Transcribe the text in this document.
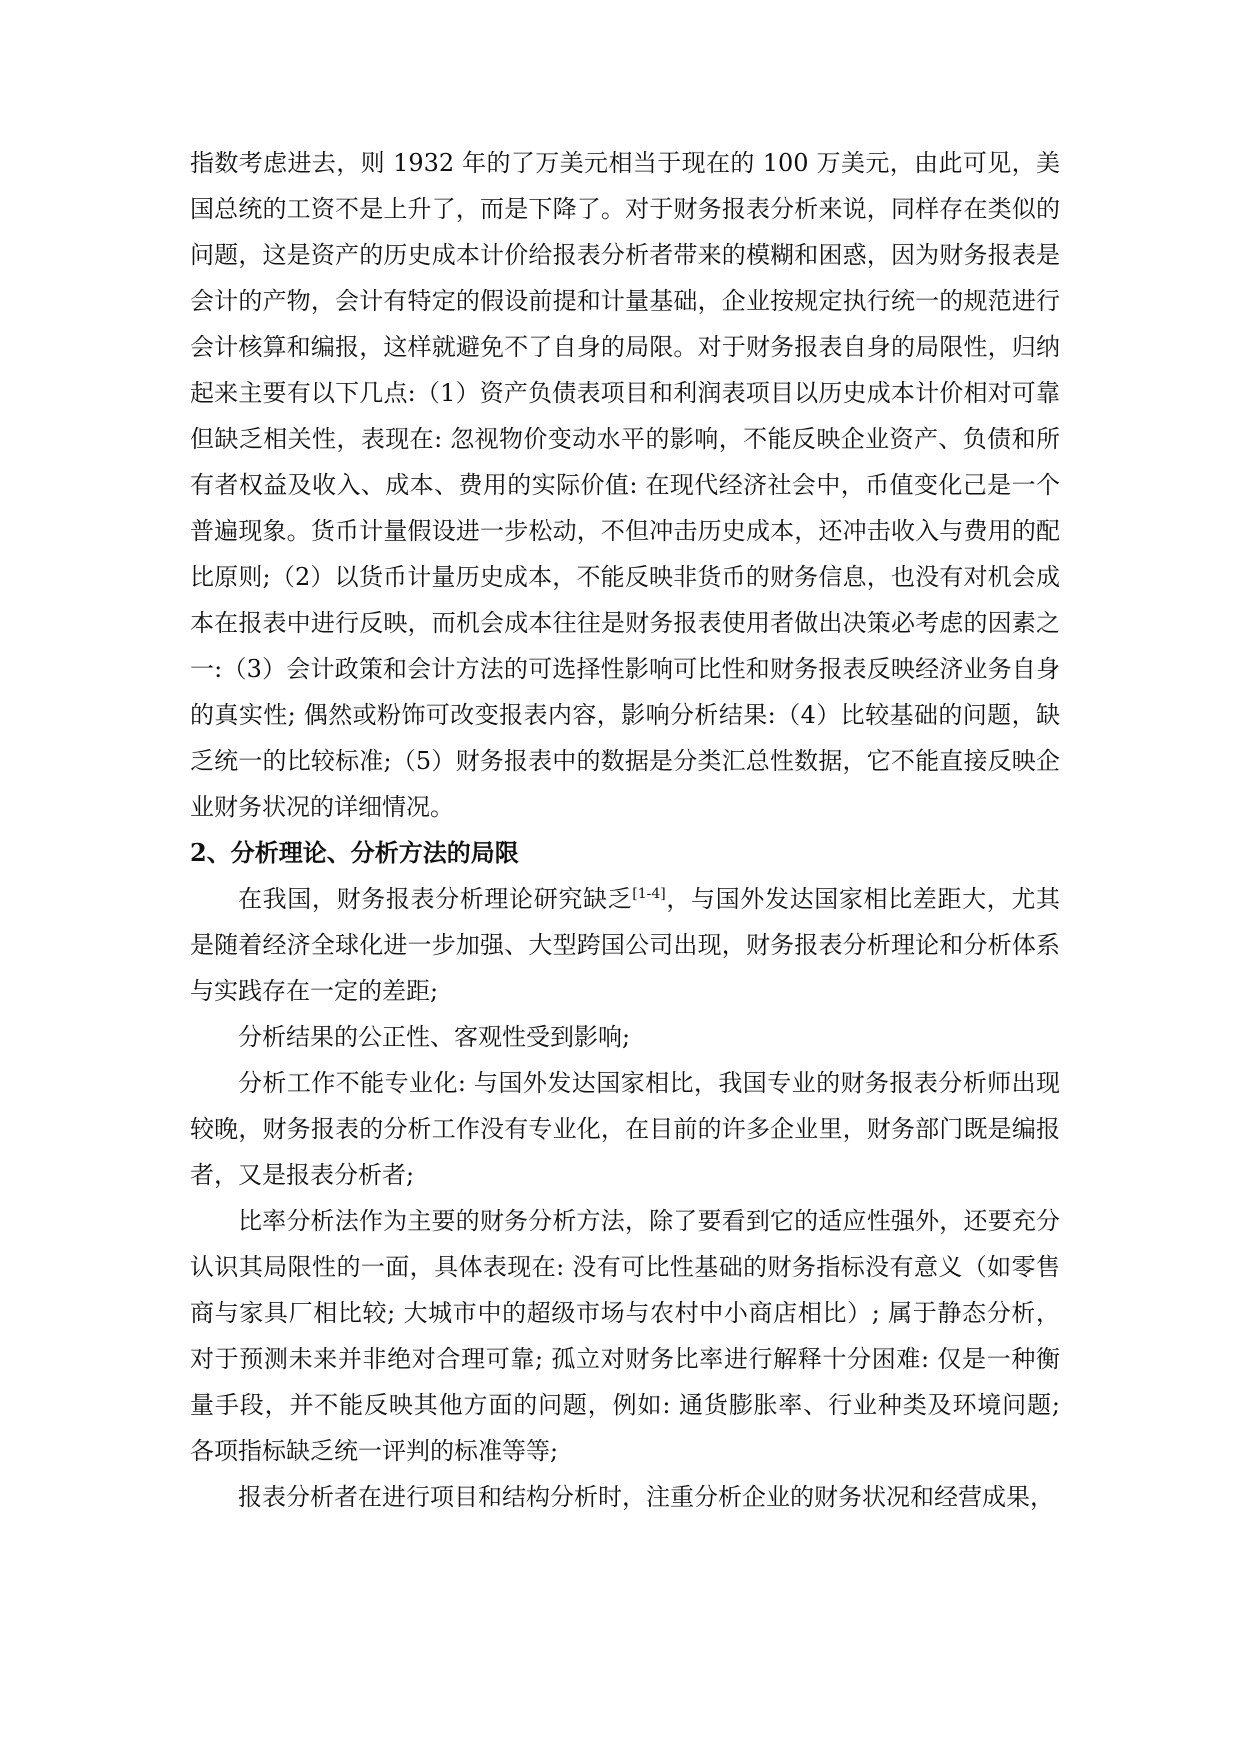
指数考虑进去，则 1932 年的了万美元相当于现在的 100 万美元，由此可见，美国总统的工资不是上升了，而是下降了。对于财务报表分析来说，同样存在类似的问题，这是资产的历史成本计价给报表分析者带来的模糊和困惑，因为财务报表是会计的产物，会计有特定的假设前提和计量基础，企业按规定执行统一的规范进行会计核算和编报，这样就避免不了自身的局限。对于财务报表自身的局限性，归纳起来主要有以下几点:（1）资产负债表项目和利润表项目以历史成本计价相对可靠但缺乏相关性，表现在: 忽视物价变动水平的影响，不能反映企业资产、负债和所有者权益及收入、成本、费用的实际价值: 在现代经济社会中，币值变化己是一个普遍现象。货币计量假设进一步松动，不但冲击历史成本，还冲击收入与费用的配比原则;（2）以货币计量历史成本，不能反映非货币的财务信息，也没有对机会成本在报表中进行反映，而机会成本往往是财务报表使用者做出决策必考虑的因素之一:（3）会计政策和会计方法的可选择性影响可比性和财务报表反映经济业务自身的真实性; 偶然或粉饰可改变报表内容，影响分析结果:（4）比较基础的问题，缺乏统一的比较标准;（5）财务报表中的数据是分类汇总性数据，它不能直接反映企业财务状况的详细情况。

2、分析理论、分析方法的局限

在我国，财务报表分析理论研究缺乏[1-4]，与国外发达国家相比差距大，尤其是随着经济全球化进一步加强、大型跨国公司出现，财务报表分析理论和分析体系与实践存在一定的差距;

分析结果的公正性、客观性受到影响;

分析工作不能专业化: 与国外发达国家相比，我国专业的财务报表分析师出现较晚，财务报表的分析工作没有专业化，在目前的许多企业里，财务部门既是编报者，又是报表分析者;

比率分析法作为主要的财务分析方法，除了要看到它的适应性强外，还要充分认识其局限性的一面，具体表现在: 没有可比性基础的财务指标没有意义（如零售商与家具厂相比较; 大城市中的超级市场与农村中小商店相比）; 属于静态分析，对于预测未来并非绝对合理可靠; 孤立对财务比率进行解释十分困难: 仅是一种衡量手段，并不能反映其他方面的问题，例如: 通货膨胀率、行业种类及环境问题; 各项指标缺乏统一评判的标准等等;

报表分析者在进行项目和结构分析时，注重分析企业的财务状况和经营成果，
